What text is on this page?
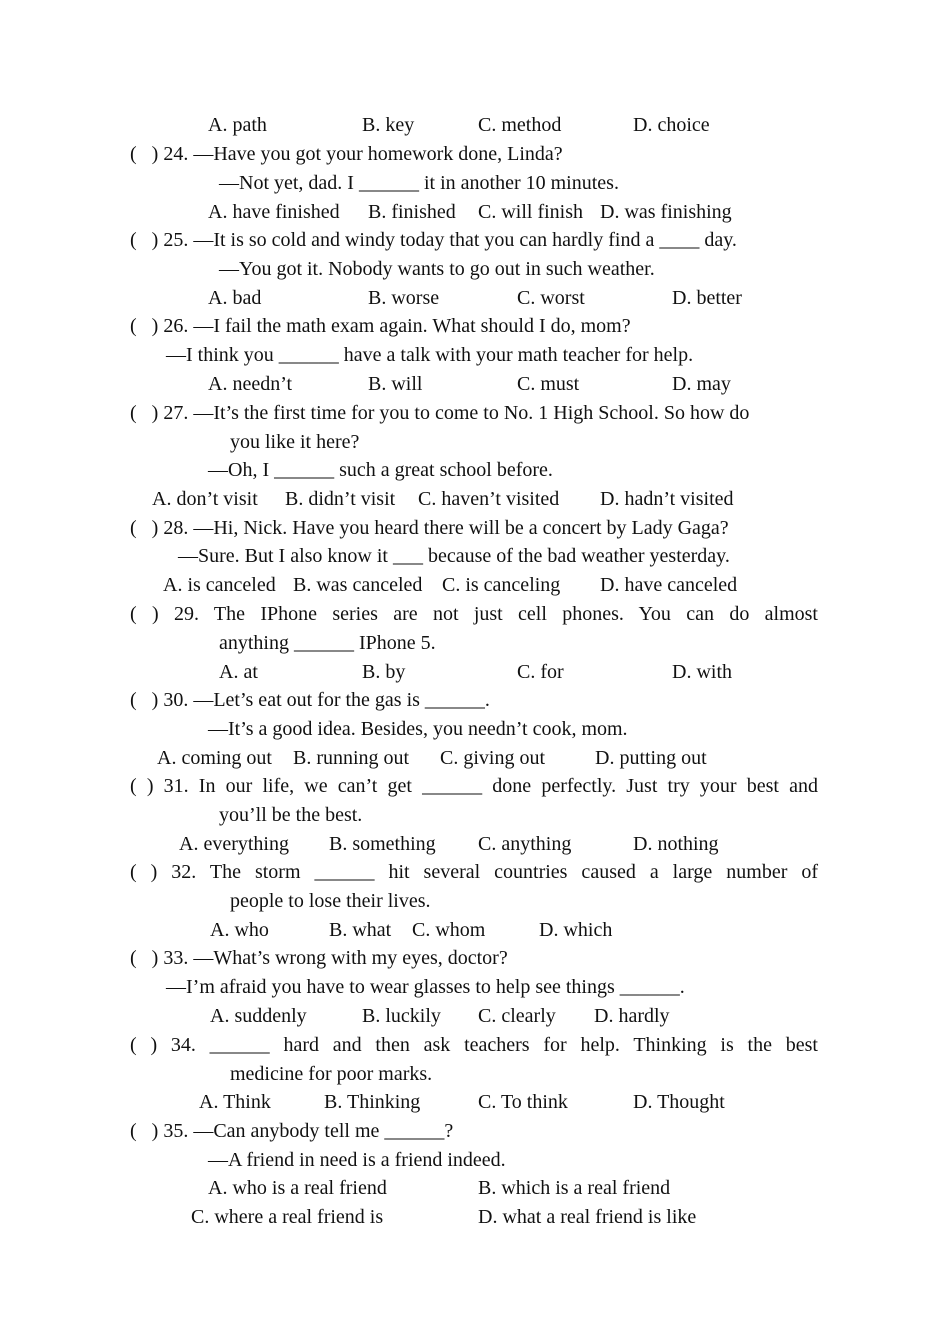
A. path	B. key	C. method	D. choice
(   ) 24. —Have you got your homework done, Linda?
—Not yet, dad. I ______ it in another 10 minutes.
A. have finished B. finished C. will finish D. was finishing
(   ) 25. —It is so cold and windy today that you can hardly find a ____ day.
—You got it. Nobody wants to go out in such weather.
A. bad	B. worse	C. worst	D. better
(   ) 26. —I fail the math exam again. What should I do, mom?
—I think you ______ have a talk with your math teacher for help.
A. needn’t	B. will	C. must	D. may
(   ) 27. —It’s the first time for you to come to No. 1 High School. So how do
you like it here?
—Oh, I ______ such a great school before.
A. don’t visit B. didn’t visit C. haven’t visited D. hadn’t visited
(   ) 28. —Hi, Nick. Have you heard there will be a concert by Lady Gaga?
—Sure. But I also know it ___ because of the bad weather yesterday.
A. is canceled B. was canceled C. is canceling D. have canceled
( ) 29. The IPhone series are not just cell phones. You can do almost
anything ______ IPhone 5.
A. at	B. by	C. for	D. with
(   ) 30. —Let’s eat out for the gas is ______.
—It’s a good idea. Besides, you needn’t cook, mom.
A. coming out B. running out C. giving out D. putting out
( ) 31. In our life, we can’t get ______ done perfectly. Just try your best and
you’ll be the best.
A. everything B. something C. anything	D. nothing
( ) 32. The storm ______ hit several countries caused a large number of
people to lose their lives.
A. who	B. what C. whom	D. which
(   ) 33. —What’s wrong with my eyes, doctor?
—I’m afraid you have to wear glasses to help see things ______.
A. suddenly	B. luckily C. clearly D. hardly
( ) 34. ______ hard and then ask teachers for help. Thinking is the best
medicine for poor marks.
A. Think	B. Thinking	C. To think	D. Thought
(   ) 35. —Can anybody tell me ______?
—A friend in need is a friend indeed.
A. who is a real friend	B. which is a real friend
C. where a real friend is	D. what a real friend is like
